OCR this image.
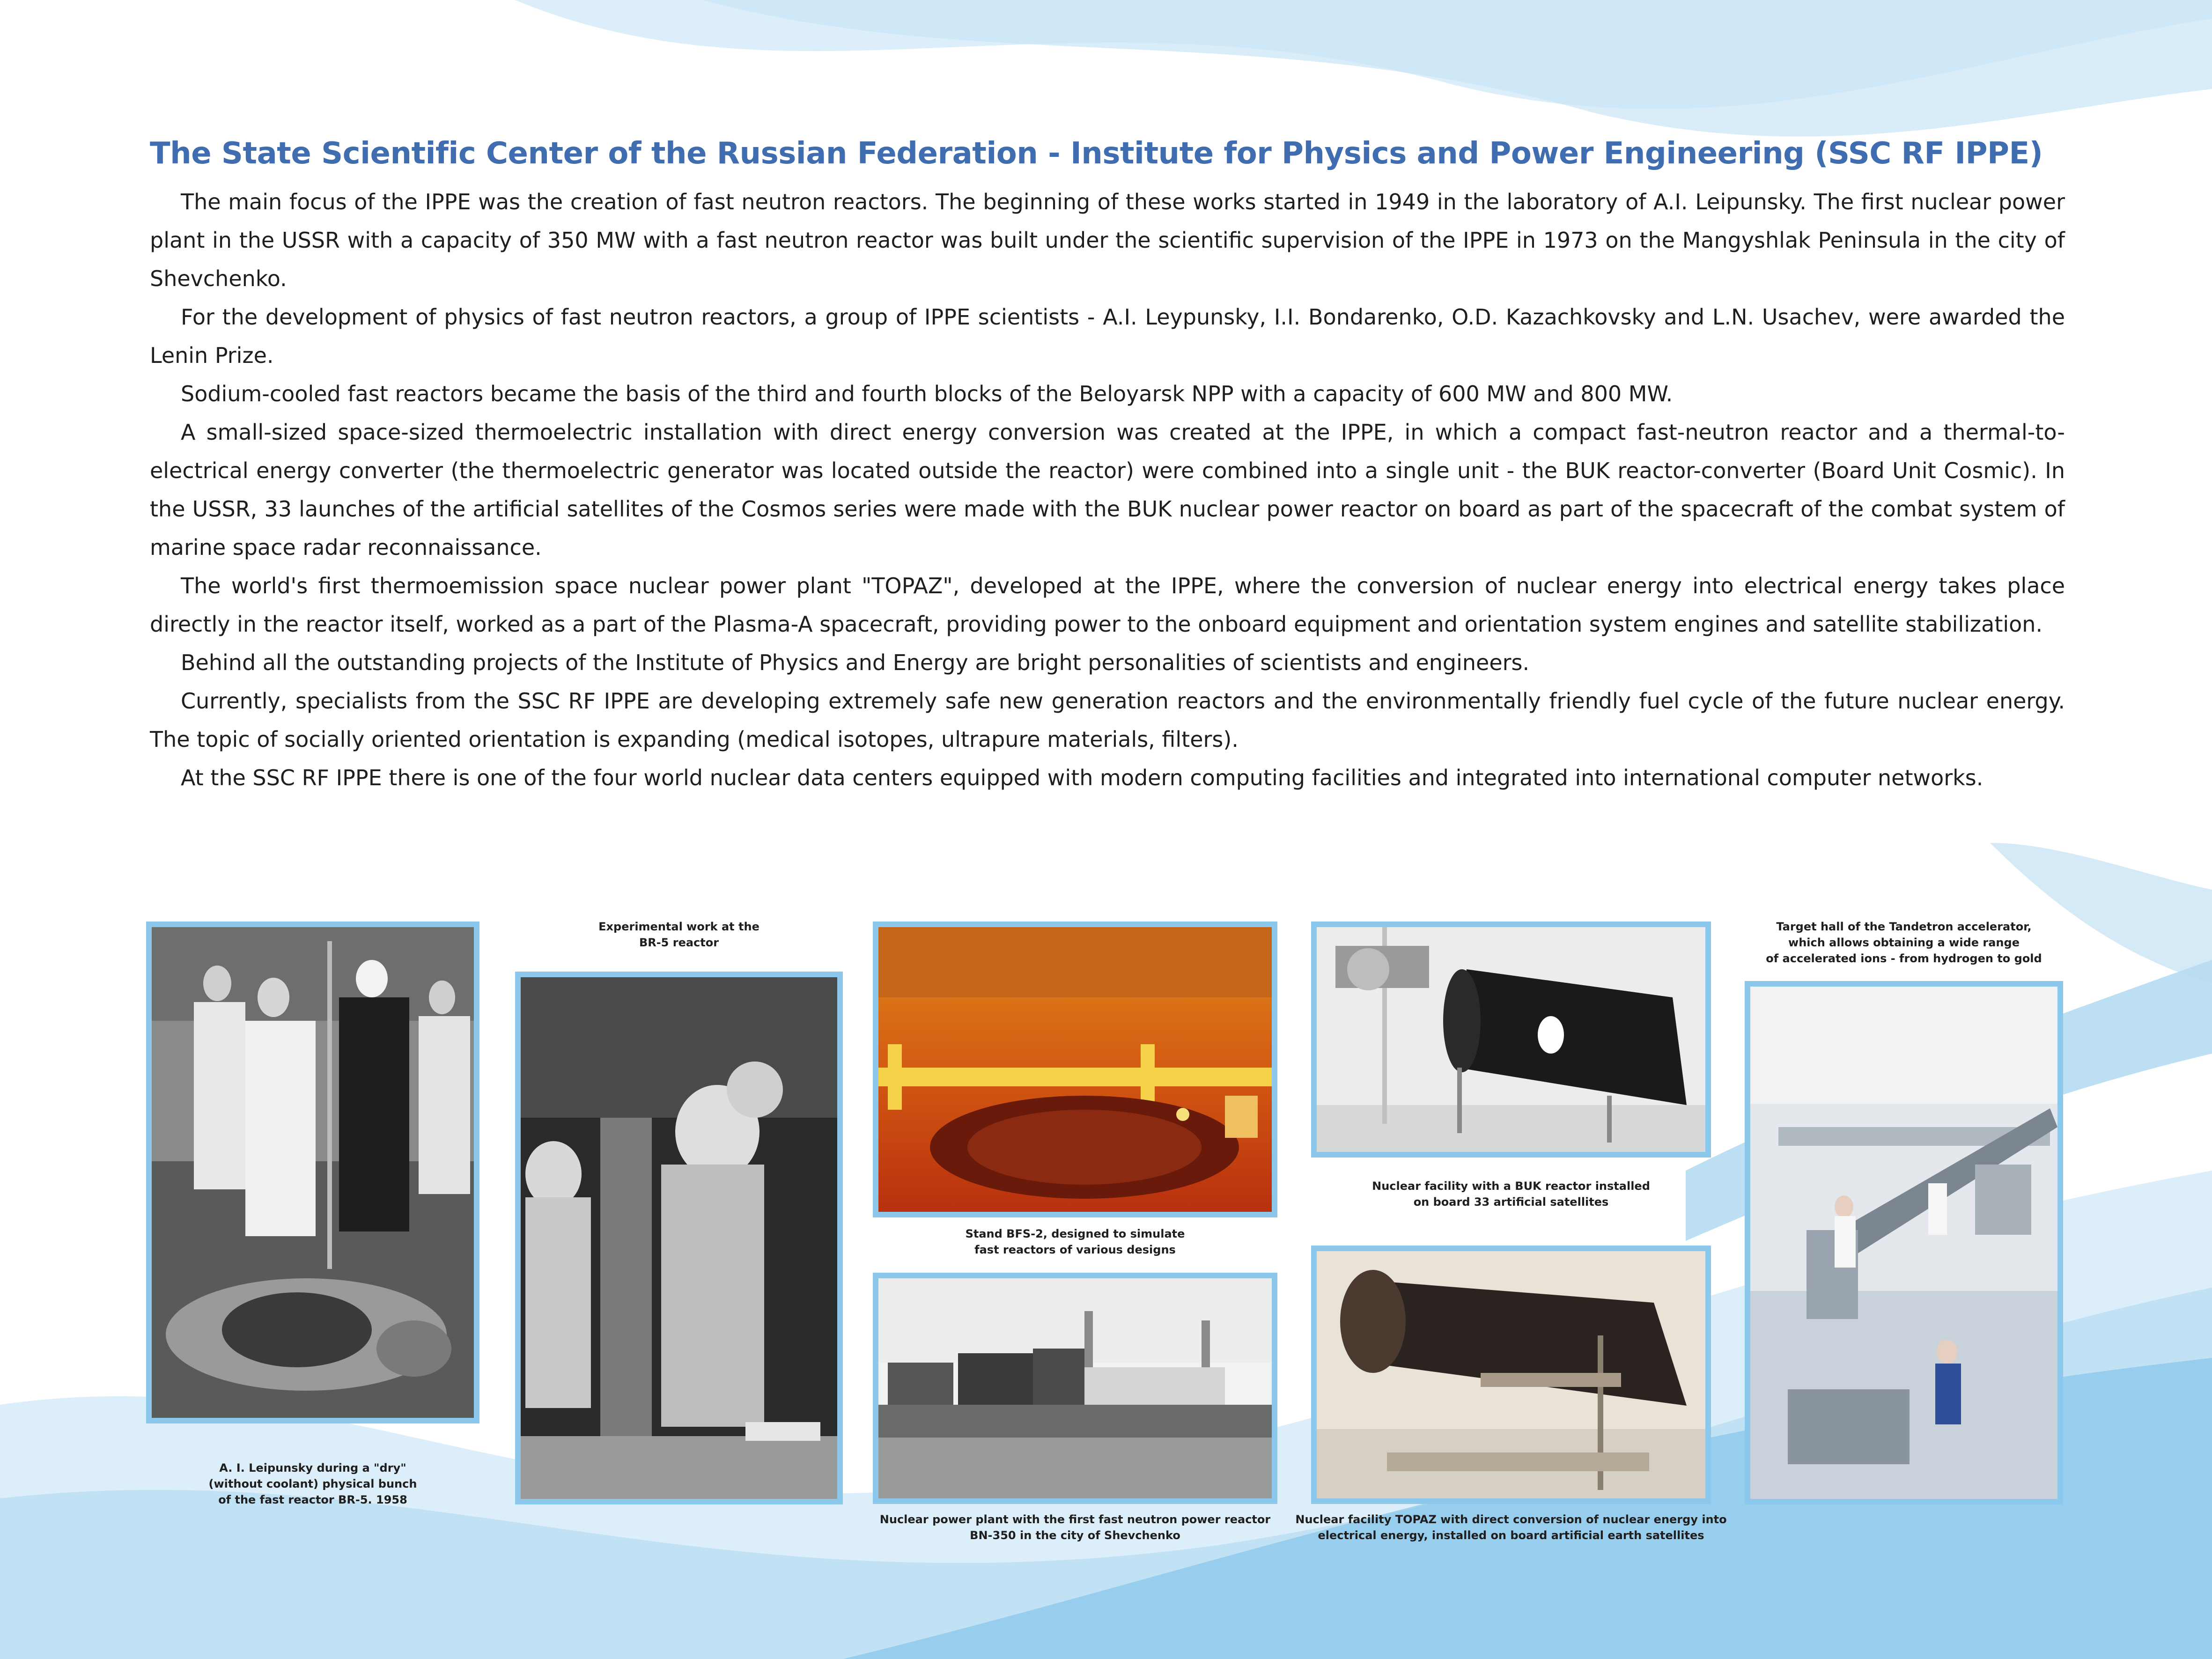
The State Scientific Center of the Russian Federation - Institute for Physics and Power Engineering (SSC RF IPPE)

The main focus of the IPPE was the creation of fast neutron reactors. The beginning of these works started in 1949 in the laboratory of A.I. Leipunsky. The first nuclear power plant in the USSR with a capacity of 350 MW with a fast neutron reactor was built under the scientific supervision of the IPPE in 1973 on the Mangyshlak Peninsula in the city of Shevchenko.

For the development of physics of fast neutron reactors, a group of IPPE scientists - A.I. Leypunsky, I.I. Bondarenko, O.D. Kazachkovsky and L.N. Usachev, were awarded the Lenin Prize.

Sodium-cooled fast reactors became the basis of the third and fourth blocks of the Beloyarsk NPP with a capacity of 600 MW and 800 MW.

A small-sized space-sized thermoelectric installation with direct energy conversion was created at the IPPE, in which a compact fast-neutron reactor and a thermal-to-electrical energy converter (the thermoelectric generator was located outside the reactor) were combined into a single unit - the BUK reactor-converter (Board Unit Cosmic). In the USSR, 33 launches of the artificial satellites of the Cosmos series were made with the BUK nuclear power reactor on board as part of the spacecraft of the combat system of marine space radar reconnaissance.

The world's first thermoemission space nuclear power plant "TOPAZ", developed at the IPPE, where the conversion of nuclear energy into electrical energy takes place directly in the reactor itself, worked as a part of the Plasma-A spacecraft, providing power to the onboard equipment and orientation system engines and satellite stabilization.

Behind all the outstanding projects of the Institute of Physics and Energy are bright personalities of scientists and engineers.

Currently, specialists from the SSC RF IPPE are developing extremely safe new generation reactors and the environmentally friendly fuel cycle of the future nuclear energy. The topic of socially oriented orientation is expanding (medical isotopes, ultrapure materials, filters).

At the SSC RF IPPE there is one of the four world nuclear data centers equipped with modern computing facilities and integrated into international computer networks.

A. I. Leipunsky during a "dry"
(without coolant) physical bunch
of the fast reactor BR-5. 1958
Experimental work at the
BR-5 reactor
Stand BFS-2, designed to simulate
fast reactors of various designs
Nuclear power plant with the first fast neutron power reactor
BN-350 in the city of Shevchenko
Nuclear facility with a BUK reactor installed
on board 33 artificial satellites
Nuclear facility TOPAZ with direct conversion of nuclear energy into
electrical energy, installed on board artificial earth satellites
Target hall of the Tandetron accelerator,
which allows obtaining a wide range
of accelerated ions - from hydrogen to gold
